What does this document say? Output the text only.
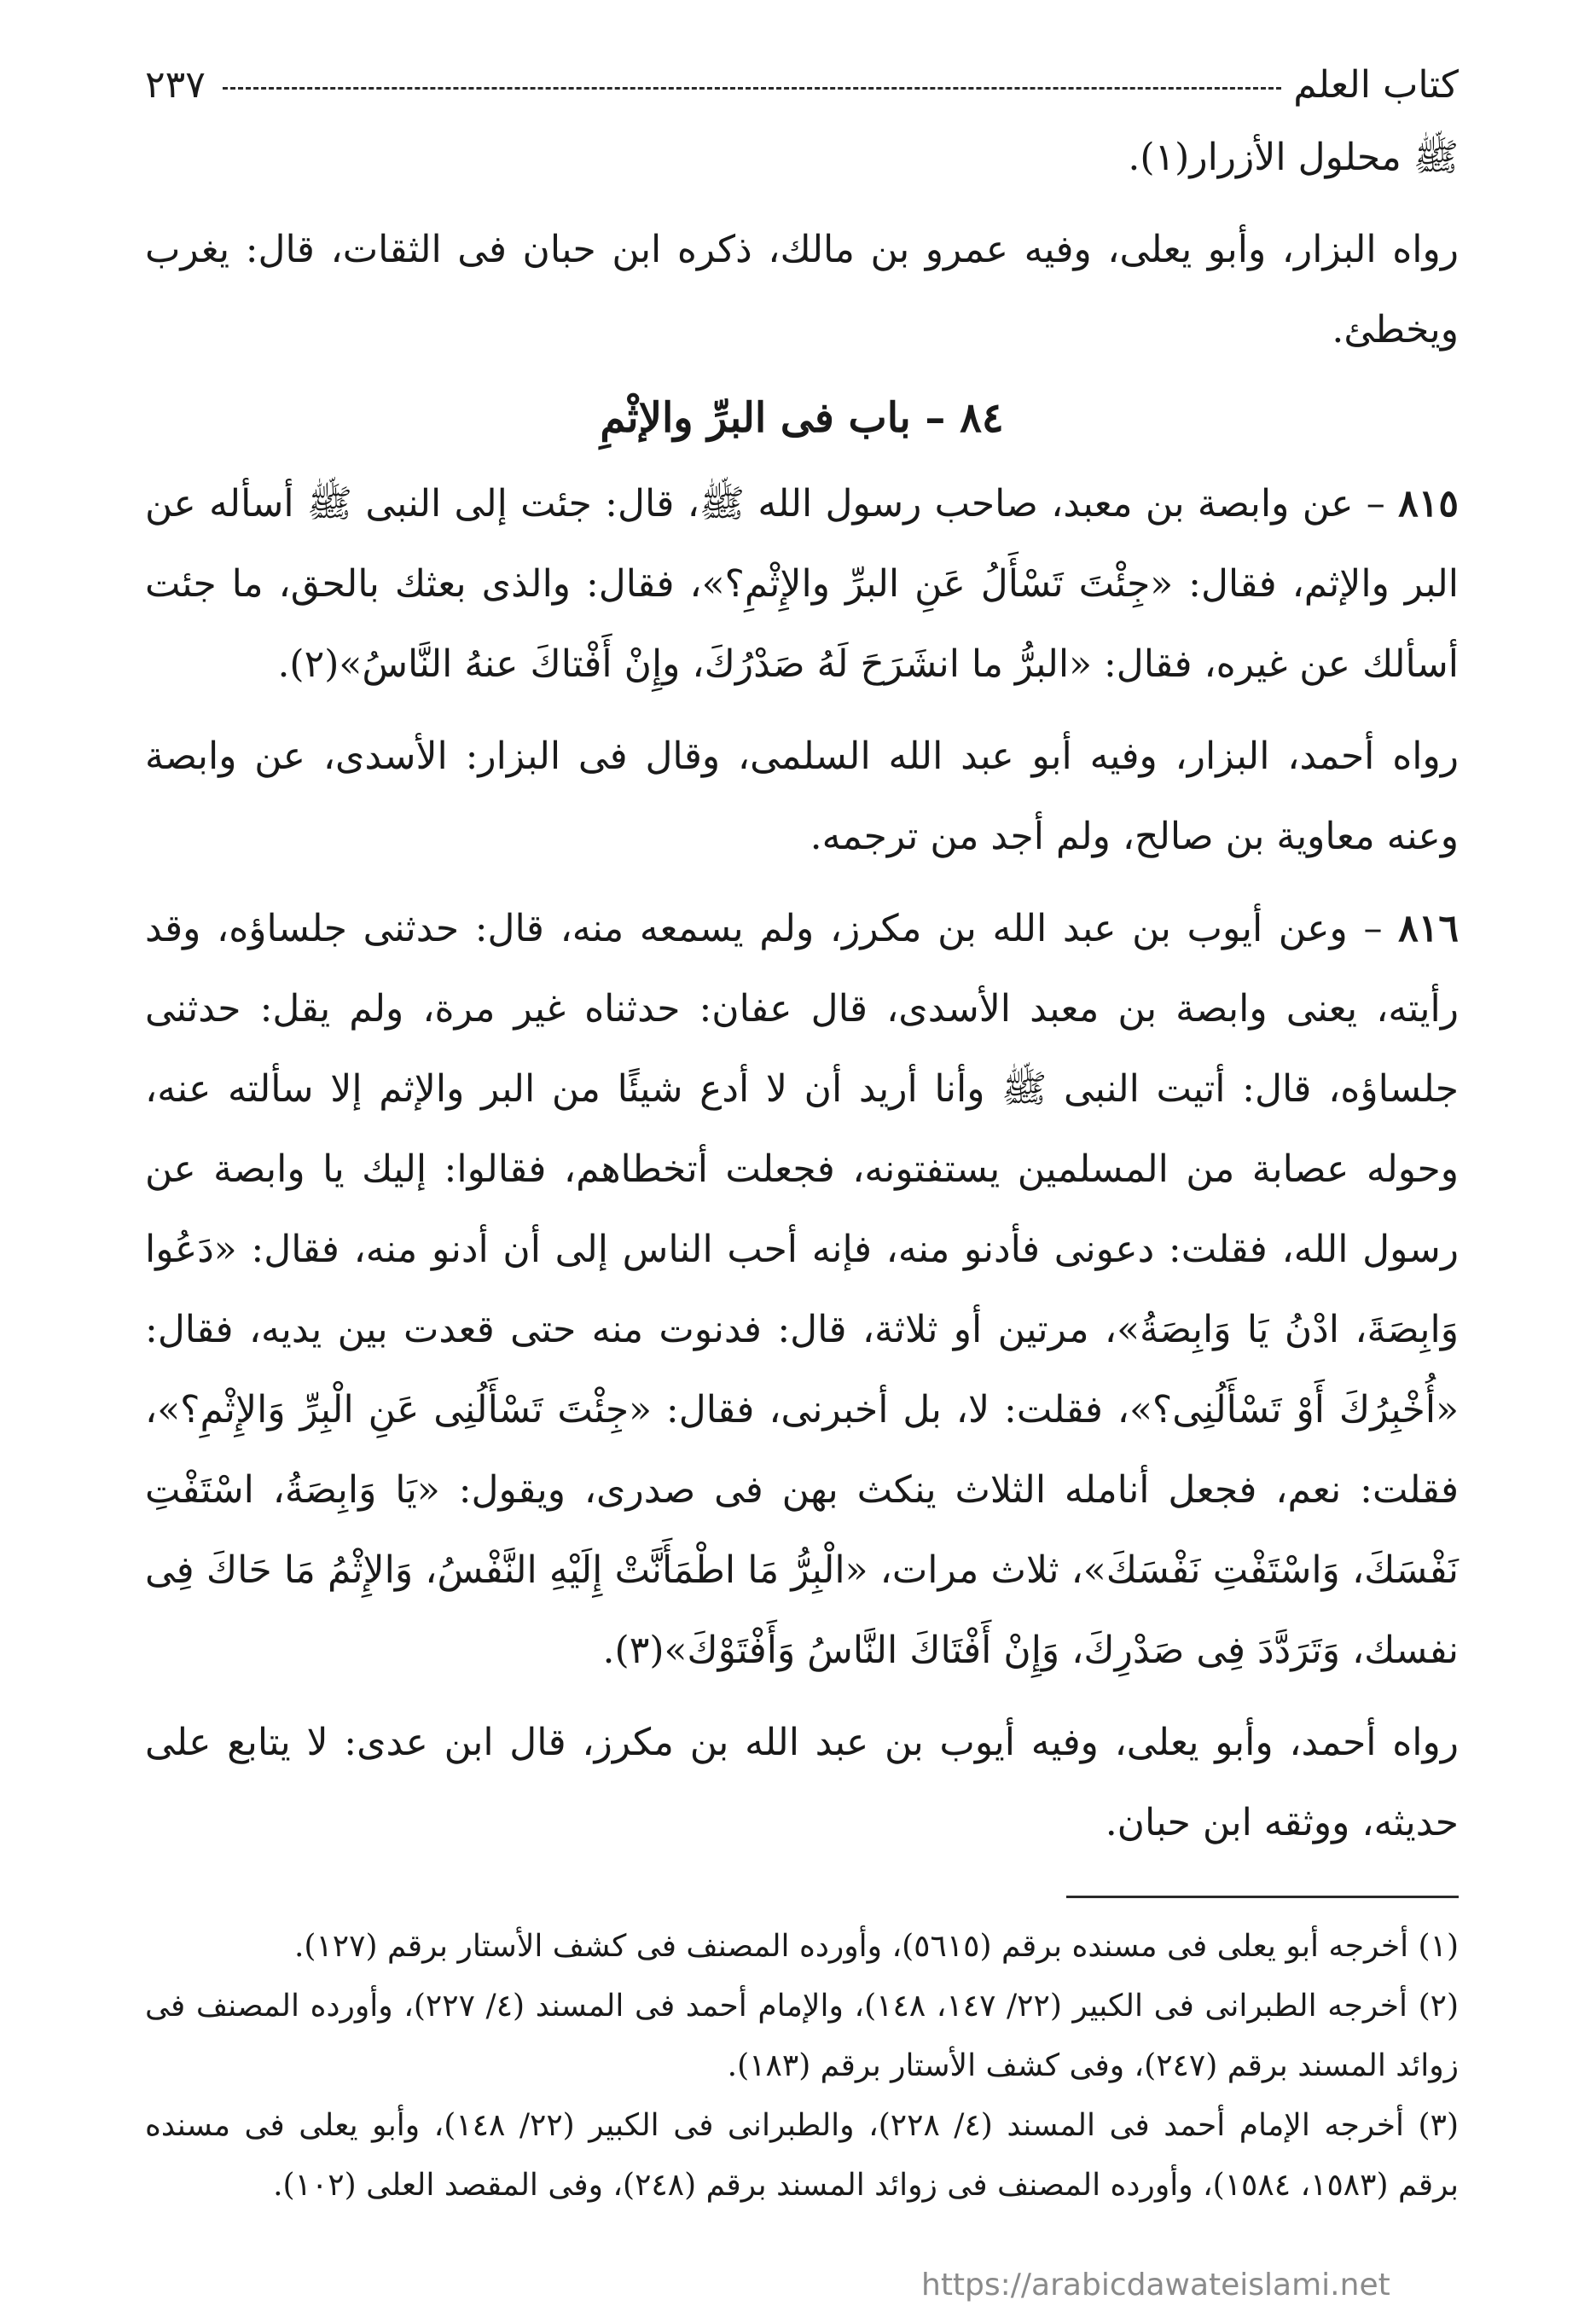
كتاب العلم
٢٣٧

ﷺ محلول الأزرار(١).

رواه البزار، وأبو يعلى، وفيه عمرو بن مالك، ذكره ابن حبان فى الثقات، قال: يغرب ويخطئ.

٨٤ – باب فى البرِّ والإثْمِ

٨١٥ – عن وابصة بن معبد، صاحب رسول الله ﷺ، قال: جئت إلى النبى ﷺ أسأله عن البر والإثم، فقال: «جِئْتَ تَسْأَلُ عَنِ البرِّ والإِثْمِ؟»، فقال: والذى بعثك بالحق، ما جئت أسألك عن غيره، فقال: «البرُّ ما انشَرَحَ لَهُ صَدْرُكَ، وإِنْ أَفْتاكَ عنهُ النَّاسُ»(٢).

رواه أحمد، البزار، وفيه أبو عبد الله السلمى، وقال فى البزار: الأسدى، عن وابصة وعنه معاوية بن صالح، ولم أجد من ترجمه.

٨١٦ – وعن أيوب بن عبد الله بن مكرز، ولم يسمعه منه، قال: حدثنى جلساؤه، وقد رأيته، يعنى وابصة بن معبد الأسدى، قال عفان: حدثناه غير مرة، ولم يقل: حدثنى جلساؤه، قال: أتيت النبى ﷺ وأنا أريد أن لا أدع شيئًا من البر والإثم إلا سألته عنه، وحوله عصابة من المسلمين يستفتونه، فجعلت أتخطاهم، فقالوا: إليك يا وابصة عن رسول الله، فقلت: دعونى فأدنو منه، فإنه أحب الناس إلى أن أدنو منه، فقال: «دَعُوا وَابِصَةَ، ادْنُ يَا وَابِصَةُ»، مرتين أو ثلاثة، قال: فدنوت منه حتى قعدت بين يديه، فقال: «أُخْبِرُكَ أَوْ تَسْأَلُنِى؟»، فقلت: لا، بل أخبرنى، فقال: «جِئْتَ تَسْأَلُنِى عَنِ الْبِرِّ وَالإِثْمِ؟»، فقلت: نعم، فجعل أنامله الثلاث ينكث بهن فى صدرى، ويقول: «يَا وَابِصَةُ، اسْتَفْتِ نَفْسَكَ، وَاسْتَفْتِ نَفْسَكَ»، ثلاث مرات، «الْبِرُّ مَا اطْمَأَنَّتْ إِلَيْهِ النَّفْسُ، وَالإِثْمُ مَا حَاكَ فِى نفسك، وَتَرَدَّدَ فِى صَدْرِكَ، وَإِنْ أَفْتَاكَ النَّاسُ وَأَفْتَوْكَ»(٣).

رواه أحمد، وأبو يعلى، وفيه أيوب بن عبد الله بن مكرز، قال ابن عدى: لا يتابع على حديثه، ووثقه ابن حبان.

(١) أخرجه أبو يعلى فى مسنده برقم (٥٦١٥)، وأورده المصنف فى كشف الأستار برقم (١٢٧).

(٢) أخرجه الطبرانى فى الكبير (٢٢/ ١٤٧، ١٤٨)، والإمام أحمد فى المسند (٤/ ٢٢٧)، وأورده المصنف فى زوائد المسند برقم (٢٤٧)، وفى كشف الأستار برقم (١٨٣).

(٣) أخرجه الإمام أحمد فى المسند (٤/ ٢٢٨)، والطبرانى فى الكبير (٢٢/ ١٤٨)، وأبو يعلى فى مسنده برقم (١٥٨٣، ١٥٨٤)، وأورده المصنف فى زوائد المسند برقم (٢٤٨)، وفى المقصد العلى (١٠٢).

https://arabicdawateislami.net
